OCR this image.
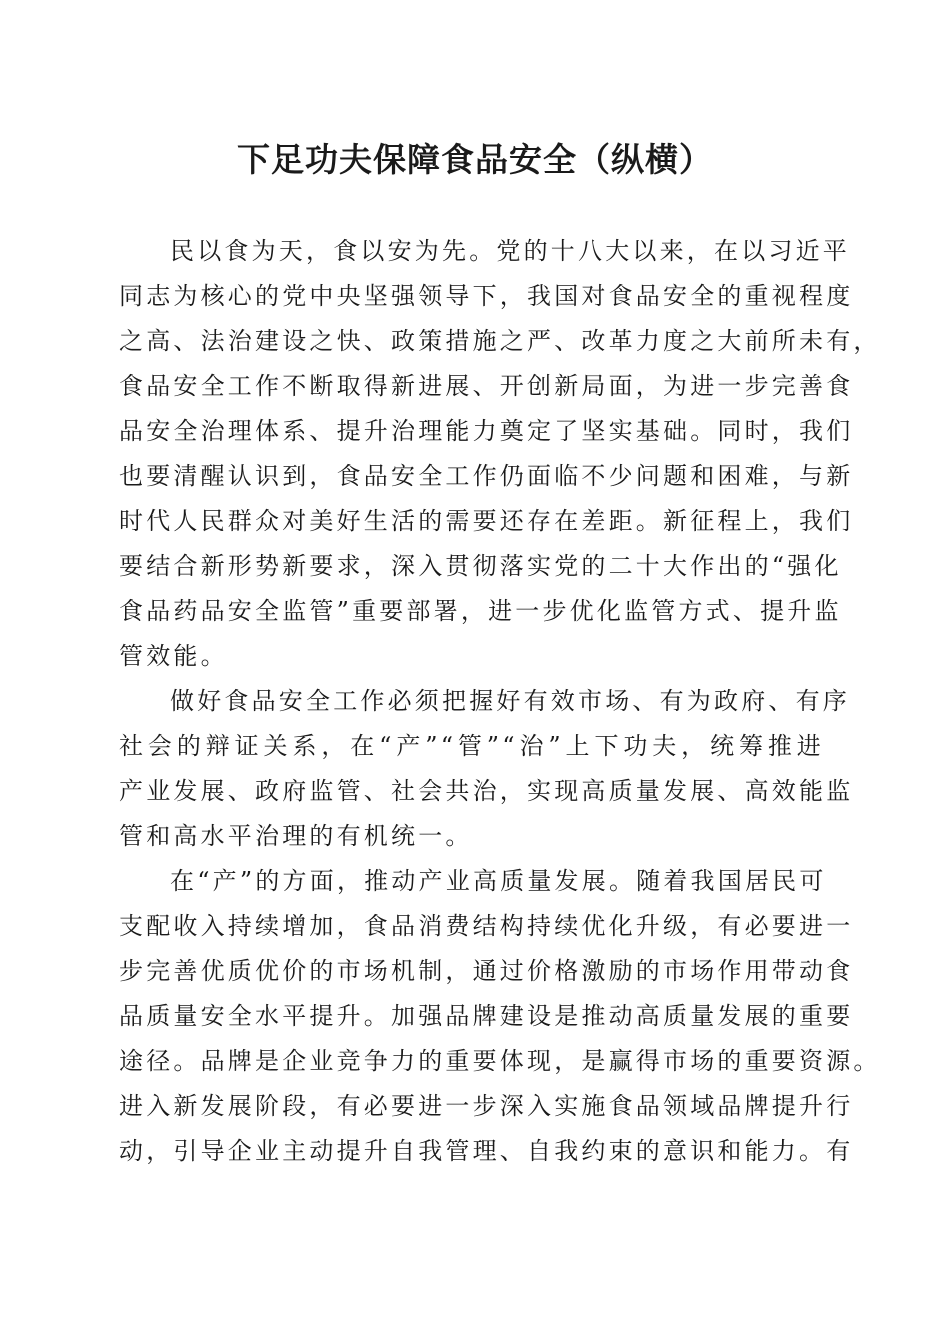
下足功夫保障食品安全（纵横）
民以食为天，食以安为先。党的十八大以来，在以习近平
同志为核心的党中央坚强领导下，我国对食品安全的重视程度
之高、法治建设之快、政策措施之严、改革力度之大前所未有，
食品安全工作不断取得新进展、开创新局面，为进一步完善食
品安全治理体系、提升治理能力奠定了坚实基础。同时，我们
也要清醒认识到，食品安全工作仍面临不少问题和困难，与新
时代人民群众对美好生活的需要还存在差距。新征程上，我们
要结合新形势新要求，深入贯彻落实党的二十大作出的“强化
食品药品安全监管”重要部署，进一步优化监管方式、提升监
管效能。
做好食品安全工作必须把握好有效市场、有为政府、有序
社会的辩证关系，在“产”“管”“治”上下功夫，统筹推进
产业发展、政府监管、社会共治，实现高质量发展、高效能监
管和高水平治理的有机统一。
在“产”的方面，推动产业高质量发展。随着我国居民可
支配收入持续增加，食品消费结构持续优化升级，有必要进一
步完善优质优价的市场机制，通过价格激励的市场作用带动食
品质量安全水平提升。加强品牌建设是推动高质量发展的重要
途径。品牌是企业竞争力的重要体现，是赢得市场的重要资源。
进入新发展阶段，有必要进一步深入实施食品领域品牌提升行
动，引导企业主动提升自我管理、自我约束的意识和能力。有
